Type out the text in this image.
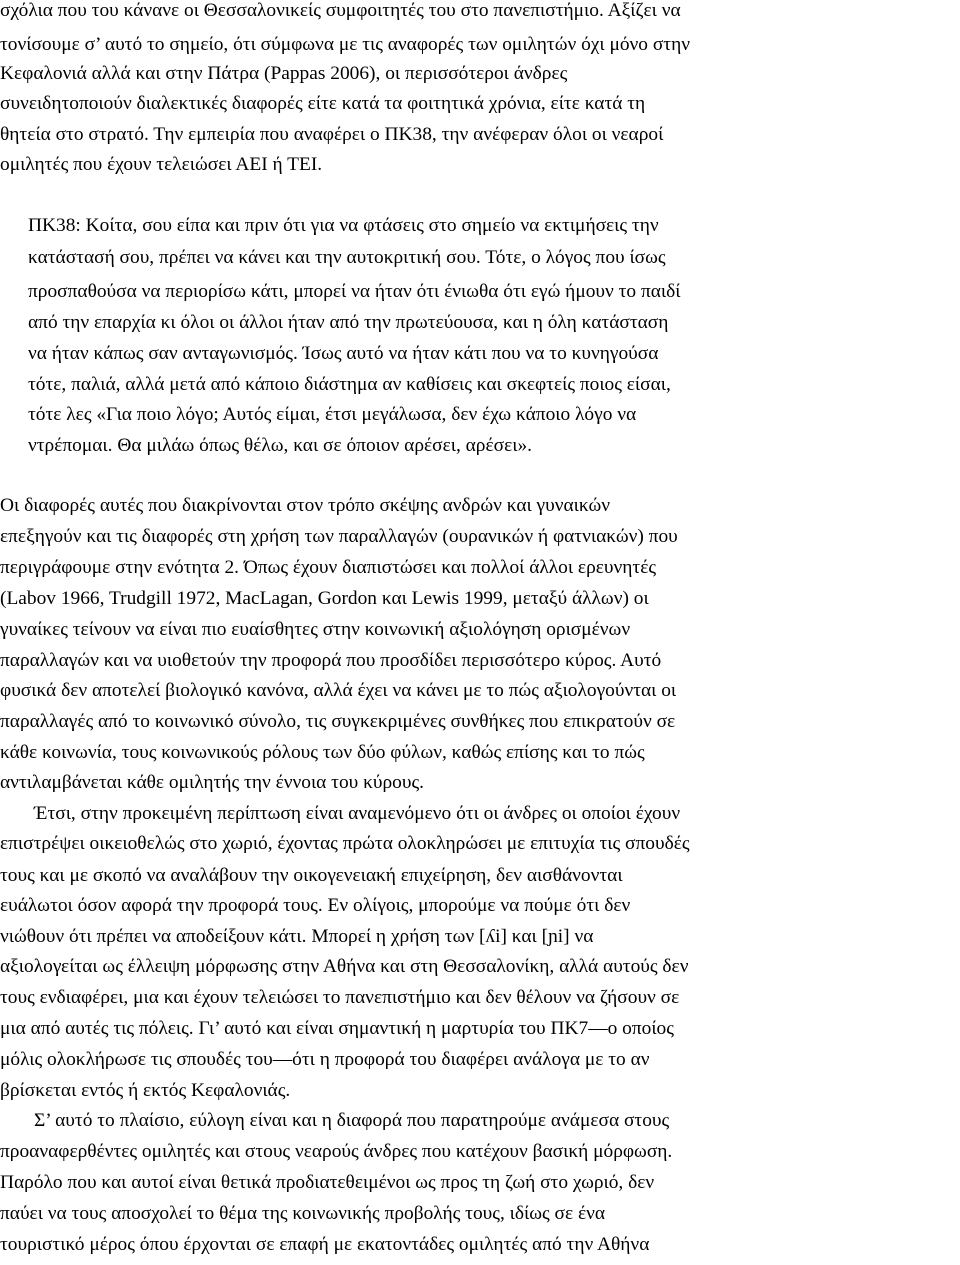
σχόλια που του κάνανε οι Θεσσαλονικείς συμφοιτητές του στο πανεπιστήμιο. Αξίζει να
τονίσουμε σ’ αυτό το σημείο, ότι σύμφωνα με τις αναφορές των ομιλητών όχι μόνο στην
Κεφαλονιά αλλά και στην Πάτρα (Pappas 2006), οι περισσότεροι άνδρες
συνειδητοποιούν διαλεκτικές διαφορές είτε κατά τα φοιτητικά χρόνια, είτε κατά τη
θητεία στο στρατό. Την εμπειρία που αναφέρει ο ΠΚ38, την ανέφεραν όλοι οι νεαροί
ομιλητές που έχουν τελειώσει ΑΕΙ ή ΤΕΙ.
ΠΚ38: Κοίτα, σου είπα και πριν ότι για να φτάσεις στο σημείο να εκτιμήσεις την
κατάστασή σου, πρέπει να κάνει και την αυτοκριτική σου. Τότε, ο λόγος που ίσως
προσπαθούσα να περιορίσω κάτι, μπορεί να ήταν ότι ένιωθα ότι εγώ ήμουν το παιδί
από την επαρχία κι όλοι οι άλλοι ήταν από την πρωτεύουσα, και η όλη κατάσταση
να ήταν κάπως σαν ανταγωνισμός. Ίσως αυτό να ήταν κάτι που να το κυνηγούσα
τότε, παλιά, αλλά μετά από κάποιο διάστημα αν καθίσεις και σκεφτείς ποιος είσαι,
τότε λες «Για ποιο λόγο; Αυτός είμαι, έτσι μεγάλωσα, δεν έχω κάποιο λόγο να
ντρέπομαι. Θα μιλάω όπως θέλω, και σε όποιον αρέσει, αρέσει».
Οι διαφορές αυτές που διακρίνονται στον τρόπο σκέψης ανδρών και γυναικών
επεξηγούν και τις διαφορές στη χρήση των παραλλαγών (ουρανικών ή φατνιακών) που
περιγράφουμε στην ενότητα 2. Όπως έχουν διαπιστώσει και πολλοί άλλοι ερευνητές
(Labov 1966, Trudgill 1972, MacLagan, Gordon και Lewis 1999, μεταξύ άλλων) οι
γυναίκες τείνουν να είναι πιο ευαίσθητες στην κοινωνική αξιολόγηση ορισμένων
παραλλαγών και να υιοθετούν την προφορά που προσδίδει περισσότερο κύρος. Αυτό
φυσικά δεν αποτελεί βιολογικό κανόνα, αλλά έχει να κάνει με το πώς αξιολογούνται οι
παραλλαγές από το κοινωνικό σύνολο, τις συγκεκριμένες συνθήκες που επικρατούν σε
κάθε κοινωνία, τους κοινωνικούς ρόλους των δύο φύλων, καθώς επίσης και το πώς
αντιλαμβάνεται κάθε ομιλητής την έννοια του κύρους.
Έτσι, στην προκειμένη περίπτωση είναι αναμενόμενο ότι οι άνδρες οι οποίοι έχουν
επιστρέψει οικειοθελώς στο χωριό, έχοντας πρώτα ολοκληρώσει με επιτυχία τις σπουδές
τους και με σκοπό να αναλάβουν την οικογενειακή επιχείρηση, δεν αισθάνονται
ευάλωτοι όσον αφορά την προφορά τους. Εν ολίγοις, μπορούμε να πούμε ότι δεν
νιώθουν ότι πρέπει να αποδείξουν κάτι. Μπορεί η χρήση των [ʎi] και [ɲi] να
αξιολογείται ως έλλειψη μόρφωσης στην Αθήνα και στη Θεσσαλονίκη, αλλά αυτούς δεν
τους ενδιαφέρει, μια και έχουν τελειώσει το πανεπιστήμιο και δεν θέλουν να ζήσουν σε
μια από αυτές τις πόλεις. Γι’ αυτό και είναι σημαντική η μαρτυρία του ΠΚ7—ο οποίος
μόλις ολοκλήρωσε τις σπουδές του—ότι η προφορά του διαφέρει ανάλογα με το αν
βρίσκεται εντός ή εκτός Κεφαλονιάς.
Σ’ αυτό το πλαίσιο, εύλογη είναι και η διαφορά που παρατηρούμε ανάμεσα στους
προαναφερθέντες ομιλητές και στους νεαρούς άνδρες που κατέχουν βασική μόρφωση.
Παρόλο που και αυτοί είναι θετικά προδιατεθειμένοι ως προς τη ζωή στο χωριό, δεν
παύει να τους αποσχολεί το θέμα της κοινωνικής προβολής τους, ιδίως σε ένα
τουριστικό μέρος όπου έρχονται σε επαφή με εκατοντάδες ομιλητές από την Αθήνα
